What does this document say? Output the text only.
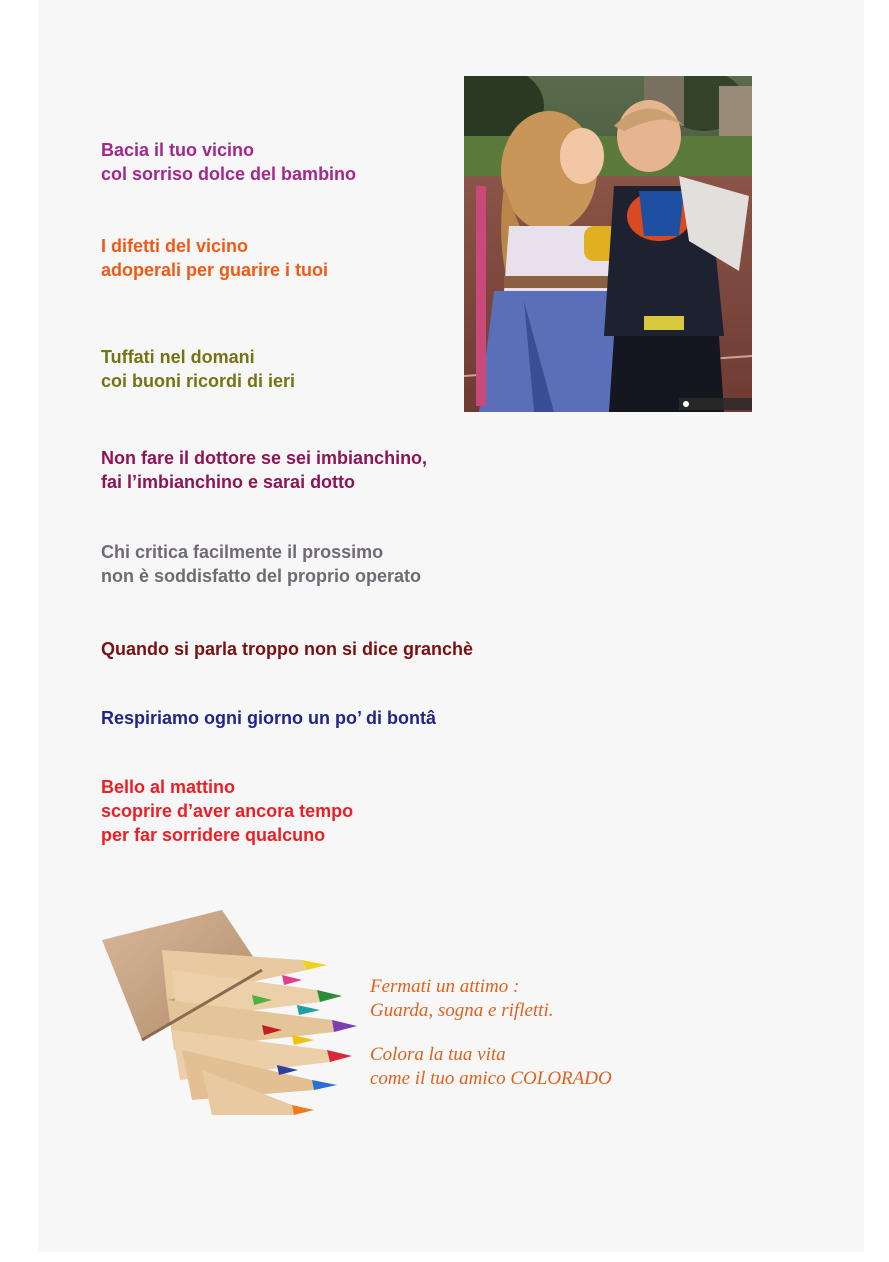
Bacia il tuo vicino
col sorriso dolce del bambino
I difetti del vicino
adoperali per guarire i tuoi
Tuffati nel domani
coi buoni ricordi di ieri
Non fare il dottore se sei imbianchino,
fai l’imbianchino e sarai dotto
Chi critica facilmente il prossimo
non è soddisfatto del proprio operato
Quando si parla troppo non si dice granchè
Respiriamo ogni giorno un po’ di bontâ
Bello al mattino
scoprire d’aver ancora tempo
per far sorridere qualcuno
Fermati un attimo :
Guarda, sogna e rifletti.
Colora la tua vita
come il tuo amico COLORADO
